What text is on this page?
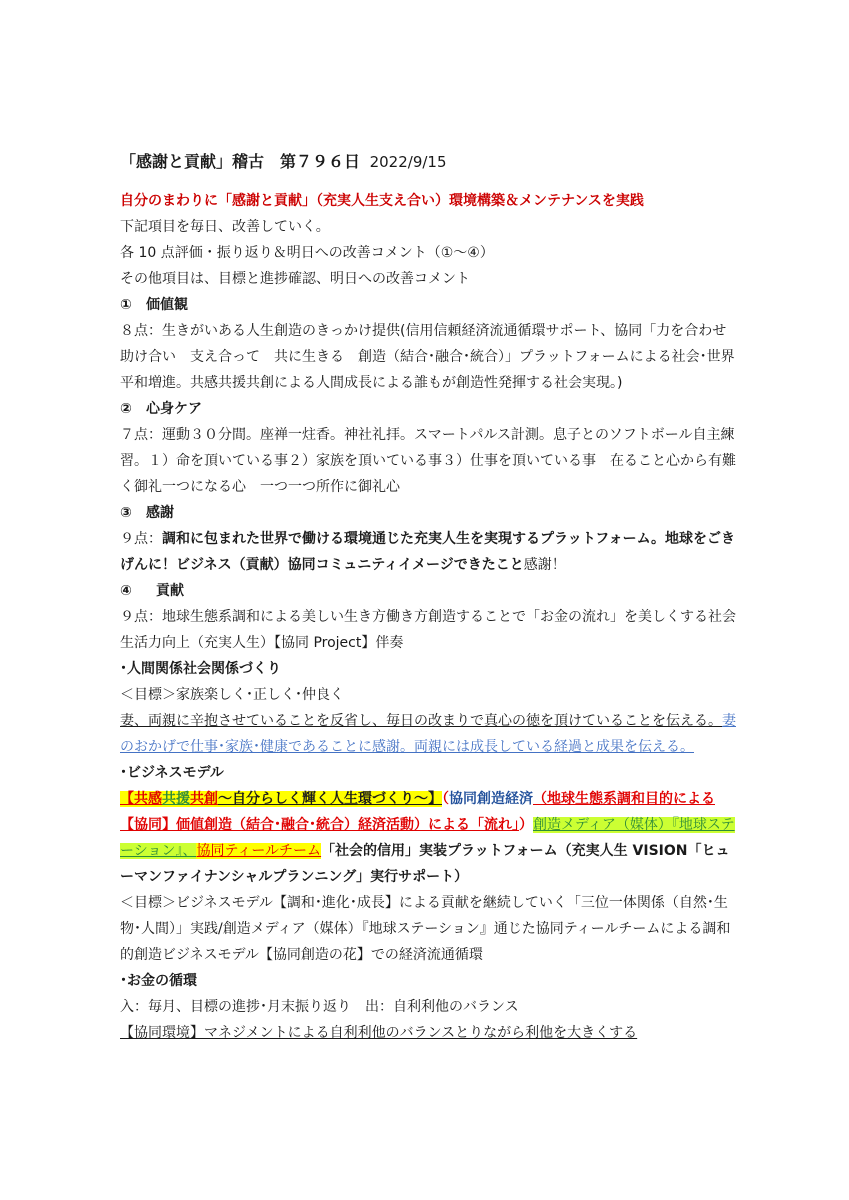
「感謝と貢献」稽古　第７９６日 2022/9/15

自分のまわりに「感謝と貢献」（充実人生支え合い）環境構築＆メンテナンスを実践

下記項目を毎日、改善していく。

各 10 点評価・振り返り＆明日への改善コメント（①～④）

その他項目は、目標と進捗確認、明日への改善コメント

① 価値観

８点：生きがいある人生創造のきっかけ提供(信用信頼経済流通循環サポート、協同「力を合わせ　助け合い　支え合って　共に生きる　創造（結合･融合･統合）」プラットフォームによる社会･世界平和増進。共感共援共創による人間成長による誰もが創造性発揮する社会実現。)

② 心身ケア

７点：運動３０分間。座禅一炷香。神社礼拝。スマートパルス計測。息子とのソフトボール自主練習。１）命を頂いている事２）家族を頂いている事３）仕事を頂いている事　在ること心から有難く御礼一つになる心　一つ一つ所作に御礼心

③ 感謝

９点：調和に包まれた世界で働ける環境通じた充実人生を実現するプラットフォーム。地球をごきげんに！ビジネス（貢献）協同コミュニティイメージできたこと感謝！

④ 貢献

９点：地球生態系調和による美しい生き方働き方創造することで「お金の流れ」を美しくする社会生活力向上（充実人生）【協同 Project】伴奏

･人間関係社会関係づくり

＜目標＞家族楽しく･正しく･仲良く

妻、両親に辛抱させていることを反省し、毎日の改まりで真心の徳を頂けていることを伝える。妻のおかげで仕事･家族･健康であることに感謝。両親には成長している経過と成果を伝える。

･ビジネスモデル

【共感共援共創～自分らしく輝く人生環づくり～】（協同創造経済（地球生態系調和目的による【協同】価値創造（結合･融合･統合）経済活動）による「流れ」）創造メディア（媒体）『地球ステーション』、協同ティールチーム「社会的信用」実装プラットフォーム（充実人生 VISION「ヒューマンファイナンシャルプランニング」実行サポート）

＜目標＞ビジネスモデル【調和･進化･成長】による貢献を継続していく「三位一体関係（自然･生物･人間）」実践/創造メディア（媒体）『地球ステーション』通じた協同ティールチームによる調和的創造ビジネスモデル【協同創造の花】での経済流通循環

･お金の循環

入：毎月、目標の進捗･月末振り返り　出：自利利他のバランス

【協同環境】マネジメントによる自利利他のバランスとりながら利他を大きくする
